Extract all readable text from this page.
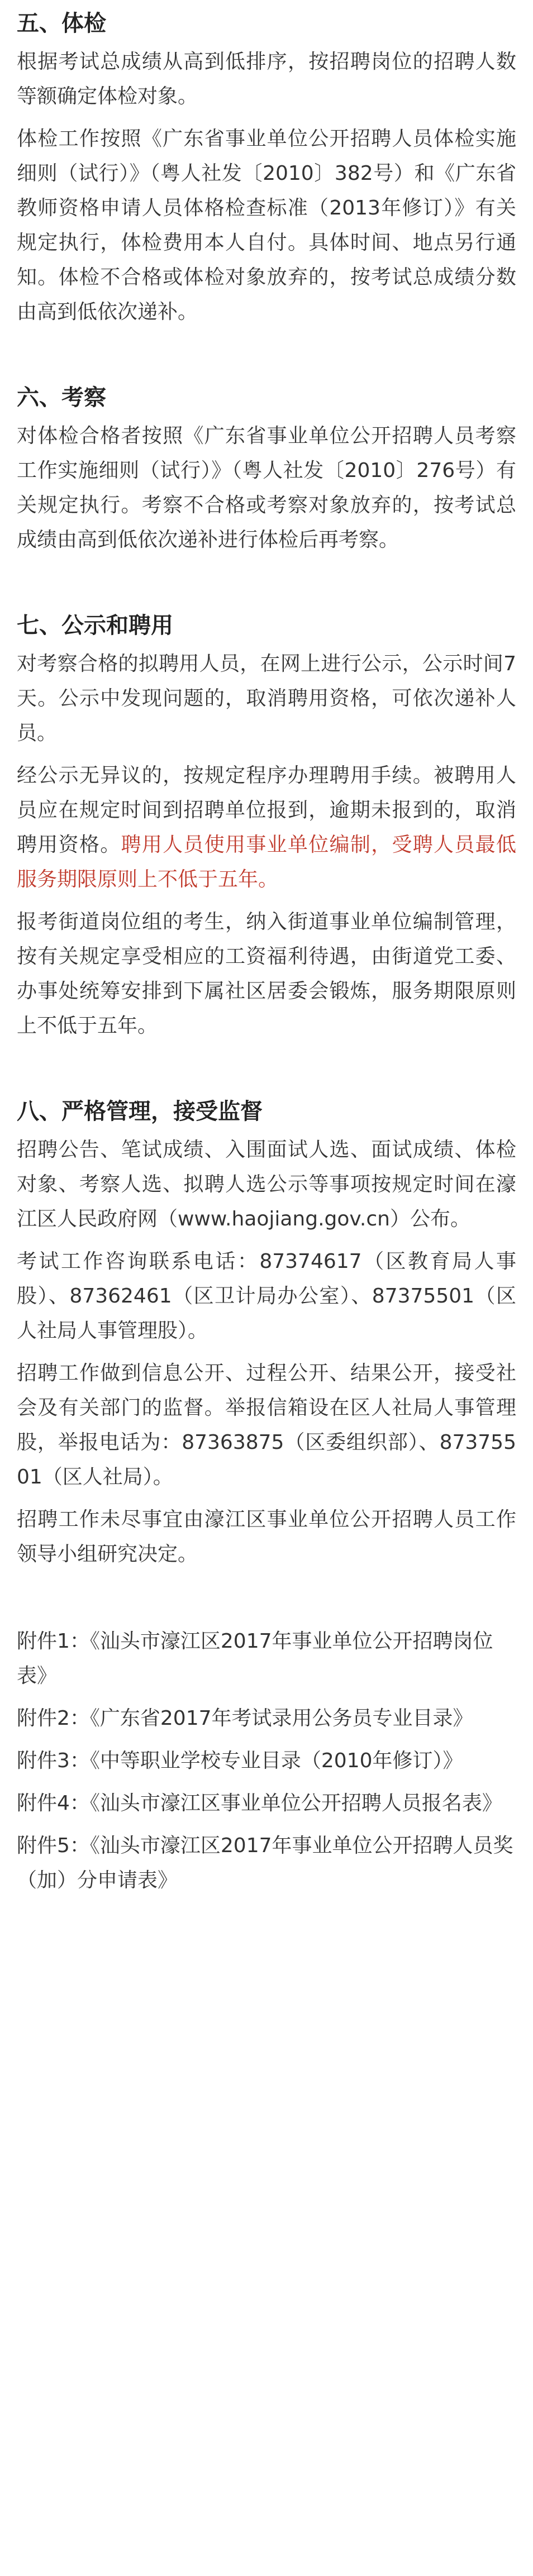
五、体检

根据考试总成绩从高到低排序，按招聘岗位的招聘人数等额确定体检对象。

体检工作按照《广东省事业单位公开招聘人员体检实施细则（试行）》（粤人社发〔2010〕382号）和《广东省教师资格申请人员体格检查标准（2013年修订）》有关规定执行，体检费用本人自付。具体时间、地点另行通知。体检不合格或体检对象放弃的，按考试总成绩分数由高到低依次递补。

六、考察

对体检合格者按照《广东省事业单位公开招聘人员考察工作实施细则（试行）》（粤人社发〔2010〕276号）有关规定执行。考察不合格或考察对象放弃的，按考试总成绩由高到低依次递补进行体检后再考察。

七、公示和聘用

对考察合格的拟聘用人员，在网上进行公示，公示时间7天。公示中发现问题的，取消聘用资格，可依次递补人员。

经公示无异议的，按规定程序办理聘用手续。被聘用人员应在规定时间到招聘单位报到，逾期未报到的，取消聘用资格。聘用人员使用事业单位编制，受聘人员最低服务期限原则上不低于五年。

报考街道岗位组的考生，纳入街道事业单位编制管理，按有关规定享受相应的工资福利待遇，由街道党工委、办事处统筹安排到下属社区居委会锻炼，服务期限原则上不低于五年。

八、严格管理，接受监督

招聘公告、笔试成绩、入围面试人选、面试成绩、体检对象、考察人选、拟聘人选公示等事项按规定时间在濠江区人民政府网（www.haojiang.gov.cn）公布。

考试工作咨询联系电话：87374617（区教育局人事股）、87362461（区卫计局办公室）、87375501（区人社局人事管理股）。

招聘工作做到信息公开、过程公开、结果公开，接受社会及有关部门的监督。举报信箱设在区人社局人事管理股，举报电话为：87363875（区委组织部）、87375501（区人社局）。

招聘工作未尽事宜由濠江区事业单位公开招聘人员工作领导小组研究决定。

附件1：《汕头市濠江区2017年事业单位公开招聘岗位表》

附件2：《广东省2017年考试录用公务员专业目录》

附件3：《中等职业学校专业目录（2010年修订）》

附件4：《汕头市濠江区事业单位公开招聘人员报名表》

附件5：《汕头市濠江区2017年事业单位公开招聘人员奖（加）分申请表》
